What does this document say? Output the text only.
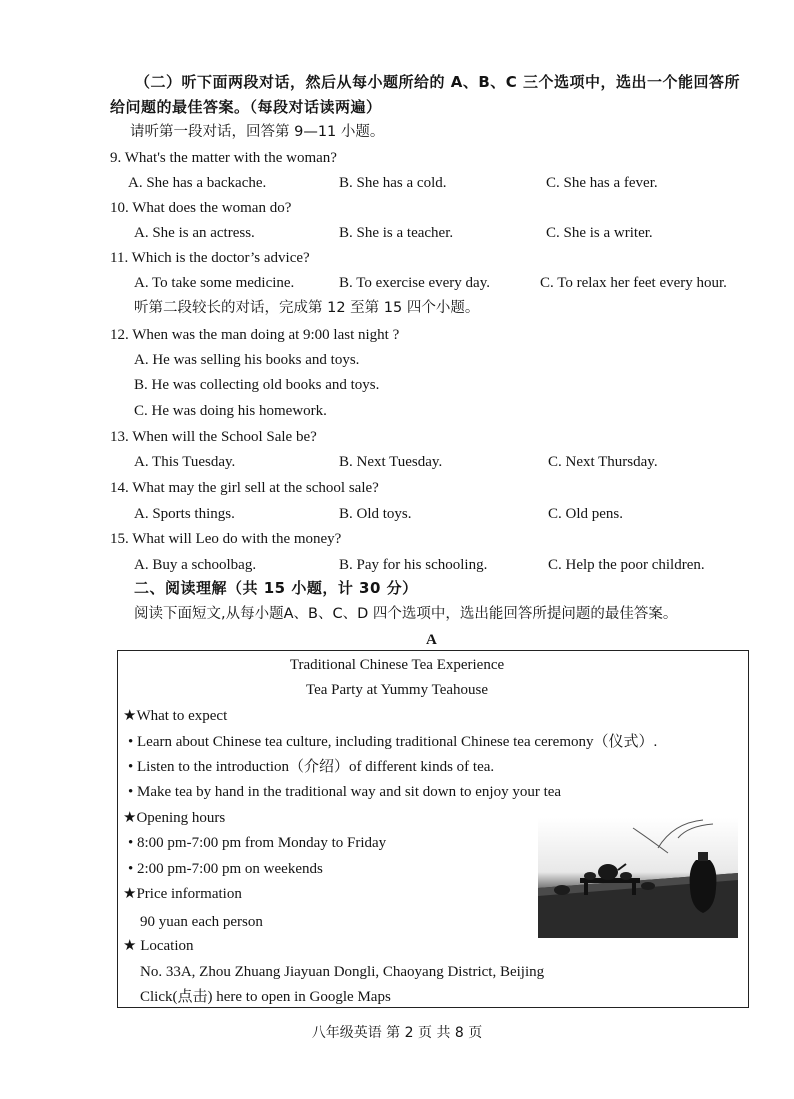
（二）听下面两段对话，然后从每小题所给的 A、B、C 三个选项中，选出一个能回答所
给问题的最佳答案。（每段对话读两遍）
请听第一段对话，回答第 9—11 小题。
9. What's the matter with the woman?
A. She has a backache.	B. She has a cold.	C. She has a fever.
10. What does the woman do?
A. She is an actress.	B. She is a teacher.	C. She is a writer.
11. Which is the doctor’s advice?
A. To take some medicine.	B. To exercise every day.	C. To relax her feet every hour.
听第二段较长的对话，完成第 12 至第 15 四个小题。
12. When was the man doing at 9:00 last night ?
A. He was selling his books and toys.
B. He was collecting old books and toys.
C. He was doing his homework.
13. When will the School Sale be?
A. This Tuesday.	B. Next Tuesday.	C. Next Thursday.
14. What may the girl sell at the school sale?
A. Sports things.	B. Old toys.	C. Old pens.
15. What will Leo do with the money?
A. Buy a schoolbag.	B. Pay for his schooling.	C. Help the poor children.
二、阅读理解（共 15 小题，计 30 分）
阅读下面短文,从每小题A、B、C、D 四个选项中，选出能回答所提问题的最佳答案。
A
Traditional Chinese Tea Experience
Tea Party at Yummy Teahouse
★What to expect
• Learn about Chinese tea culture, including traditional Chinese tea ceremony（仪式）.
• Listen to the introduction（介绍）of different kinds of tea.
• Make tea by hand in the traditional way and sit down to enjoy your tea
★Opening hours
• 8:00 pm-7:00 pm from Monday to Friday
• 2:00 pm-7:00 pm on weekends
★Price information
90 yuan each person
★ Location
No. 33A, Zhou Zhuang Jiayuan Dongli, Chaoyang District, Beijing
Click(点击) here to open in Google Maps
八年级英语 第 2 页 共 8 页
